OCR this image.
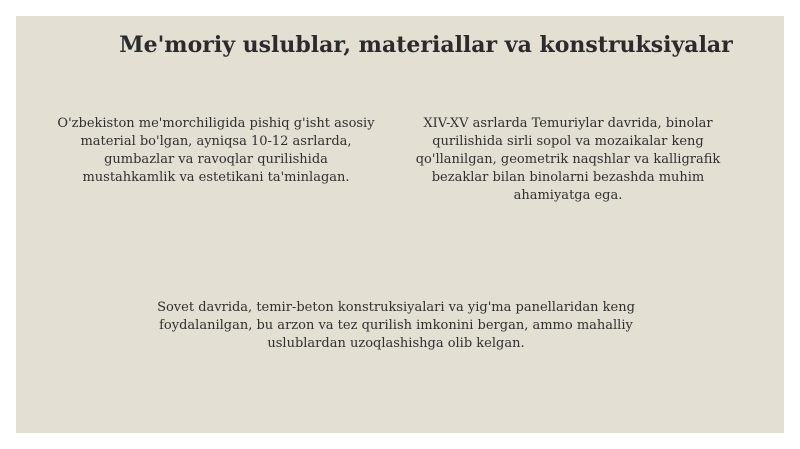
Me'moriy uslublar, materiallar va konstruksiyalar

O'zbekiston me'morchiligida pishiq g'isht asosiy material bo'lgan, ayniqsa 10-12 asrlarda, gumbazlar va ravoqlar qurilishida mustahkamlik va estetikani ta'minlagan.

XIV-XV asrlarda Temuriylar davrida, binolar qurilishida sirli sopol va mozaikalar keng qo'llanilgan, geometrik naqshlar va kalligrafik bezaklar bilan binolarni bezashda muhim ahamiyatga ega.

Sovet davrida, temir-beton konstruksiyalari va yig'ma panellaridan keng foydalanilgan, bu arzon va tez qurilish imkonini bergan, ammo mahalliy uslublardan uzoqlashishga olib kelgan.
